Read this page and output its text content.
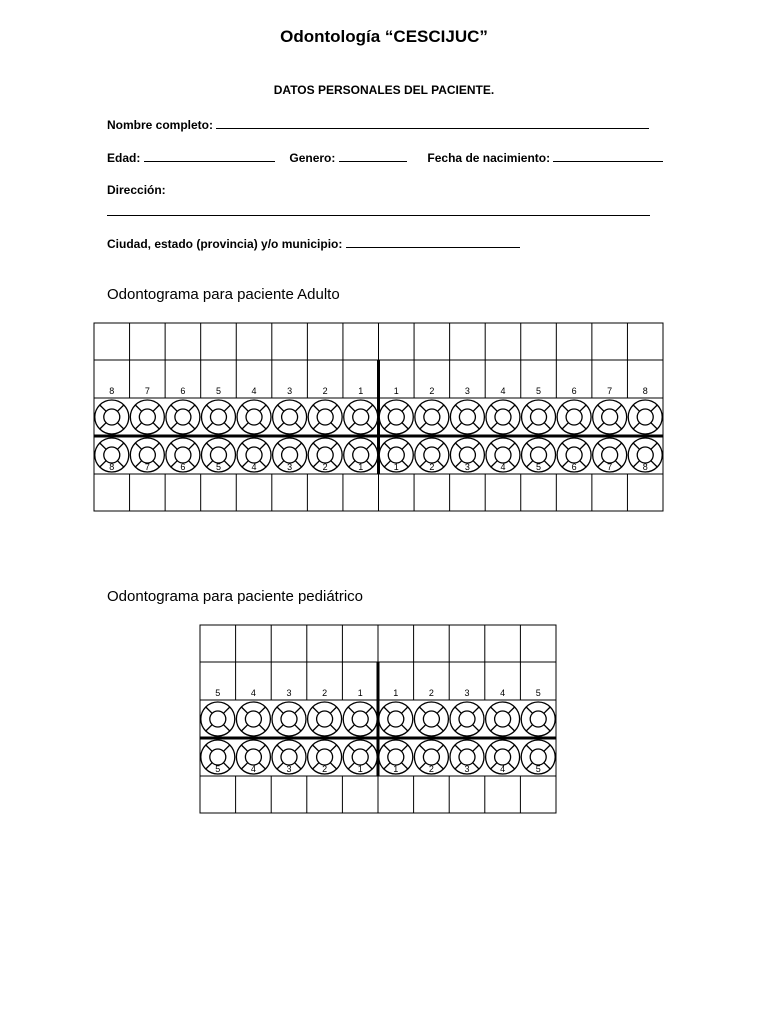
Odontología “CESCIJUC”
DATOS PERSONALES DEL PACIENTE.
Nombre completo:
Edad:	Genero:	Fecha de nacimiento:
Dirección:
Ciudad, estado (provincia) y/o municipio:
Odontograma para paciente Adulto
Odontograma para paciente pediátrico
8
8
7
7
6
6
5
5
4
4
3
3
2
2
1
1
1
1
2
2
3
3
4
4
5
5
6
6
7
7
8
8
5
5
4
4
3
3
2
2
1
1
1
1
2
2
3
3
4
4
5
5
